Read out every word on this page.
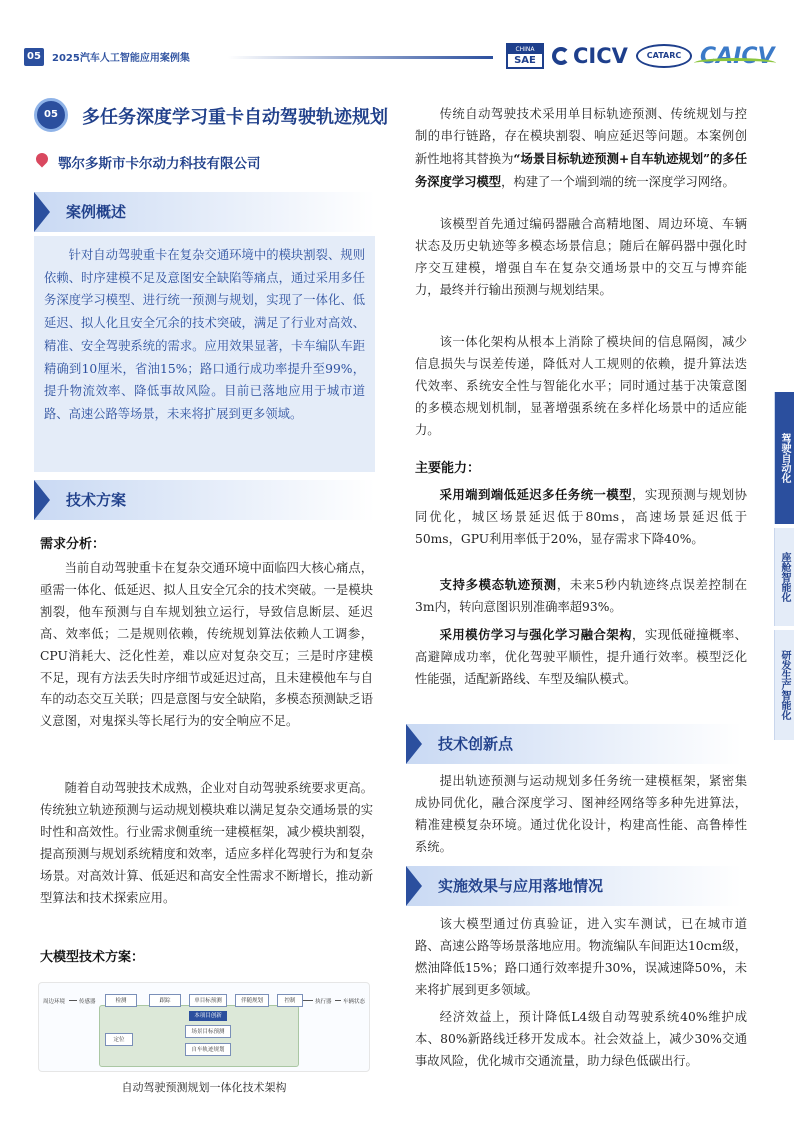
05	2025汽车人工智能应用案例集
CHINA
SAE	CICV	CATARC CAICV
05	多任务深度学习重卡自动驾驶轨迹规划
鄂尔多斯市卡尔动力科技有限公司
案例概述

针对自动驾驶重卡在复杂交通环境中的模块割裂、规则依赖、时序建模不足及意图安全缺陷等痛点，通过采用多任务深度学习模型、进行统一预测与规划，实现了一体化、低延迟、拟人化且安全冗余的技术突破，满足了行业对高效、精准、安全驾驶系统的需求。应用效果显著，卡车编队车距精确到10厘米，省油15%；路口通行成功率提升至99%，提升物流效率、降低事故风险。目前已落地应用于城市道路、高速公路等场景，未来将扩展到更多领域。

技术方案
需求分析：
当前自动驾驶重卡在复杂交通环境中面临四大核心痛点，亟需一体化、低延迟、拟人且安全冗余的技术突破。一是模块割裂，他车预测与自车规划独立运行，导致信息断层、延迟高、效率低；二是规则依赖，传统规划算法依赖人工调参，CPU消耗大、泛化性差，难以应对复杂交互；三是时序建模不足，现有方法丢失时序细节或延迟过高，且未建模他车与自车的动态交互关联；四是意图与安全缺陷，多模态预测缺乏语义意图，对鬼探头等长尾行为的安全响应不足。
随着自动驾驶技术成熟，企业对自动驾驶系统要求更高。传统独立轨迹预测与运动规划模块难以满足复杂交通场景的实时性和高效性。行业需求侧重统一建模框架，减少模块割裂，提高预测与规划系统精度和效率，适应多样化驾驶行为和复杂场景。对高效计算、低延迟和高安全性需求不断增长，推动新型算法和技术探索应用。
大模型技术方案：
周边环境	传感器	检测	跟踪	单目标预测	伴随规划	控制	执行器 车辆状态
本项目创新
场景目标预测
自车轨迹规划
定位
自动驾驶预测规划一体化技术架构
传统自动驾驶技术采用单目标轨迹预测、传统规划与控制的串行链路，存在模块割裂、响应延迟等问题。本案例创新性地将其替换为“场景目标轨迹预测+自车轨迹规划”的多任务深度学习模型，构建了一个端到端的统一深度学习网络。
该模型首先通过编码器融合高精地图、周边环境、车辆状态及历史轨迹等多模态场景信息；随后在解码器中强化时序交互建模，增强自车在复杂交通场景中的交互与博弈能力，最终并行输出预测与规划结果。
该一体化架构从根本上消除了模块间的信息隔阂，减少信息损失与误差传递，降低对人工规则的依赖，提升算法迭代效率、系统安全性与智能化水平；同时通过基于决策意图的多模态规划机制，显著增强系统在多样化场景中的适应能力。
主要能力：
采用端到端低延迟多任务统一模型，实现预测与规划协同优化，城区场景延迟低于80ms，高速场景延迟低于50ms，GPU利用率低于20%，显存需求下降40%。
支持多模态轨迹预测，未来5秒内轨迹终点误差控制在3m内，转向意图识别准确率超93%。
采用模仿学习与强化学习融合架构，实现低碰撞概率、高避障成功率，优化驾驶平顺性，提升通行效率。模型泛化性能强，适配新路线、车型及编队模式。
技术创新点
提出轨迹预测与运动规划多任务统一建模框架，紧密集成协同优化，融合深度学习、图神经网络等多种先进算法，精准建模复杂环境。通过优化设计，构建高性能、高鲁棒性系统。
实施效果与应用落地情况
该大模型通过仿真验证，进入实车测试，已在城市道路、高速公路等场景落地应用。物流编队车间距达10cm级，燃油降低15%；路口通行效率提升30%，误减速降50%，未来将扩展到更多领域。
经济效益上，预计降低L4级自动驾驶系统40%维护成本、80%新路线迁移开发成本。社会效益上，减少30%交通事故风险，优化城市交通流量，助力绿色低碳出行。
驾驶自动化
座舱智能化
研发生产智能化
